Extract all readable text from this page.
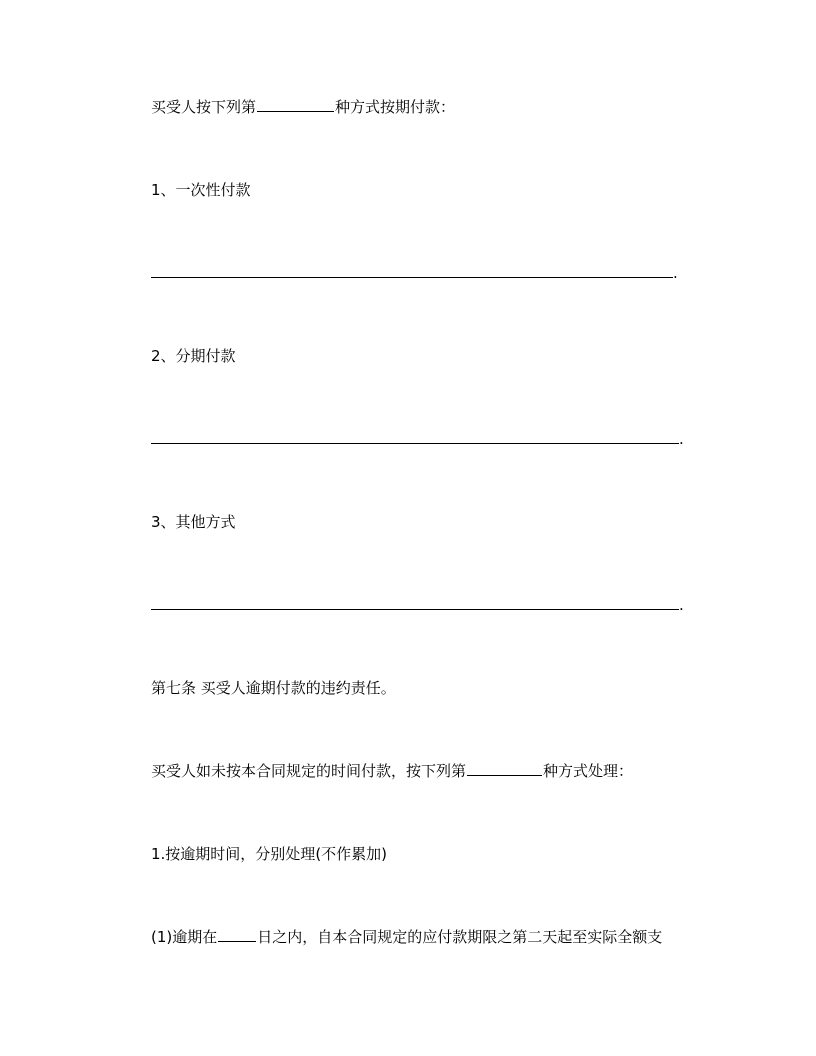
买受人按下列第	种方式按期付款：
1、一次性付款
.
2、分期付款
.
3、其他方式
.
第七条 买受人逾期付款的违约责任。
买受人如未按本合同规定的时间付款，按下列第	种方式处理：
1.按逾期时间，分别处理(不作累加)
(1)逾期在	日之内，自本合同规定的应付款期限之第二天起至实际全额支
